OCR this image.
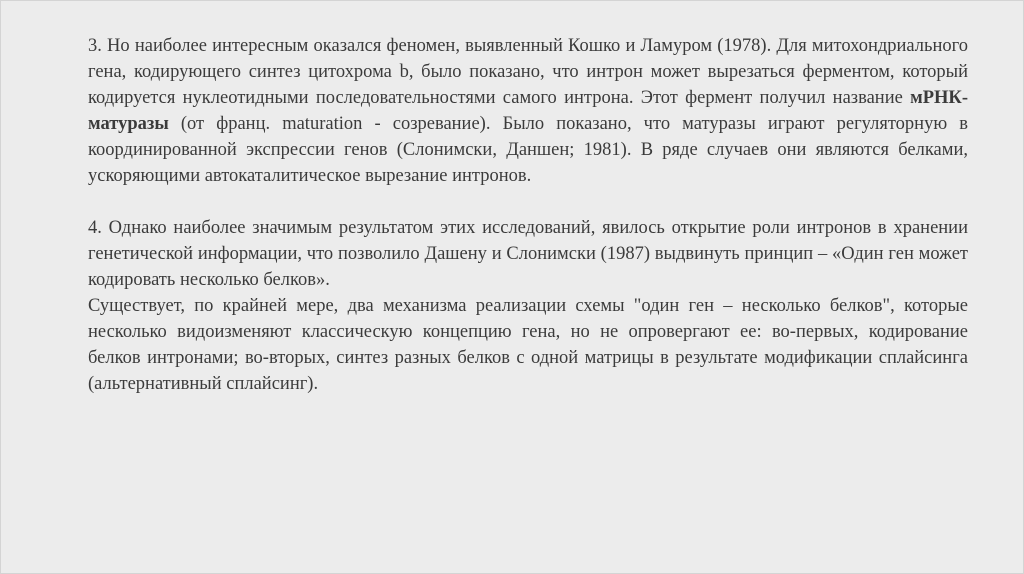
3. Но наиболее интересным оказался феномен, выявленный Кошко и Ламуром (1978). Для митохондриального гена, кодирующего синтез цитохрома b, было показано, что интрон может вырезаться ферментом, который кодируется нуклеотидными последовательностями самого интрона. Этот фермент получил название мРНК-матуразы (от франц. maturation - созревание). Было показано, что матуразы играют регуляторную в координированной экспрессии генов (Слонимски, Даншен; 1981). В ряде случаев они являются белками, ускоряющими автокаталитическое вырезание интронов.

4. Однако наиболее значимым результатом этих исследований, явилось открытие роли интронов в хранении генетической информации, что позволило Дашену и Слонимски (1987) выдвинуть принцип – «Один ген может кодировать несколько белков».

Существует, по крайней мере, два механизма реализации схемы "один ген – несколько белков", которые несколько видоизменяют классическую концепцию гена, но не опровергают ее: во-первых, кодирование белков интронами; во-вторых, синтез разных белков с одной матрицы в результате модификации сплайсинга (альтернативный сплайсинг).
